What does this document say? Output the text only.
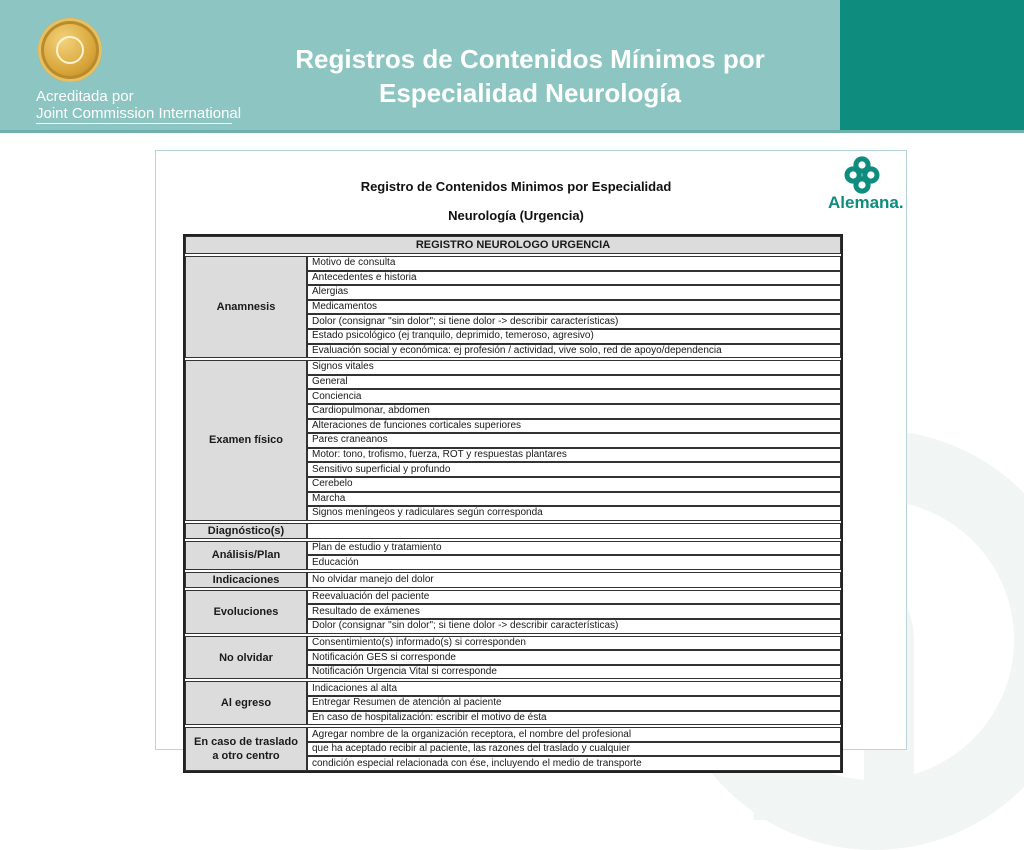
Acreditada por
Joint Commission International
Registros de Contenidos Mínimos por
Especialidad Neurología
Registro de Contenidos Minimos por Especialidad
Neurología (Urgencia)
Alemana.
REGISTRO NEUROLOGO URGENCIA	

Anamnesis	Motivo de consulta
	Antecedentes e historia
	Alergias
	Medicamentos
	Dolor (consignar "sin dolor"; si tiene dolor -> describir características)
	Estado psicológico (ej tranquilo, deprimido, temeroso, agresivo)
	Evaluación social y económica: ej profesión / actividad, vive solo, red de apoyo/dependencia

Examen físico	Signos vitales
	General
	Conciencia
	Cardiopulmonar, abdomen
	Alteraciones de funciones corticales superiores
	Pares craneanos
	Motor: tono, trofismo, fuerza, ROT y respuestas plantares
	Sensitivo superficial y profundo
	Cerebelo
	Marcha
	Signos meníngeos y radiculares según corresponda

Diagnóstico(s)	

Análisis/Plan	Plan de estudio y tratamiento
	Educación

Indicaciones	No olvidar manejo del dolor

Evoluciones	Reevaluación del paciente
	Resultado de exámenes
	Dolor (consignar "sin dolor"; si tiene dolor -> describir características)

No olvidar	Consentimiento(s) informado(s) si corresponden
	Notificación GES si corresponde
	Notificación Urgencia Vital si corresponde

Al egreso	Indicaciones al alta
	Entregar Resumen de atención al paciente
	En caso de hospitalización: escribir el motivo de ésta

En caso de traslado a otro centro	Agregar nombre de la organización receptora, el nombre del profesional
	que ha aceptado recibir al paciente, las razones del traslado y cualquier
	condición especial relacionada con ése, incluyendo el medio de transporte
